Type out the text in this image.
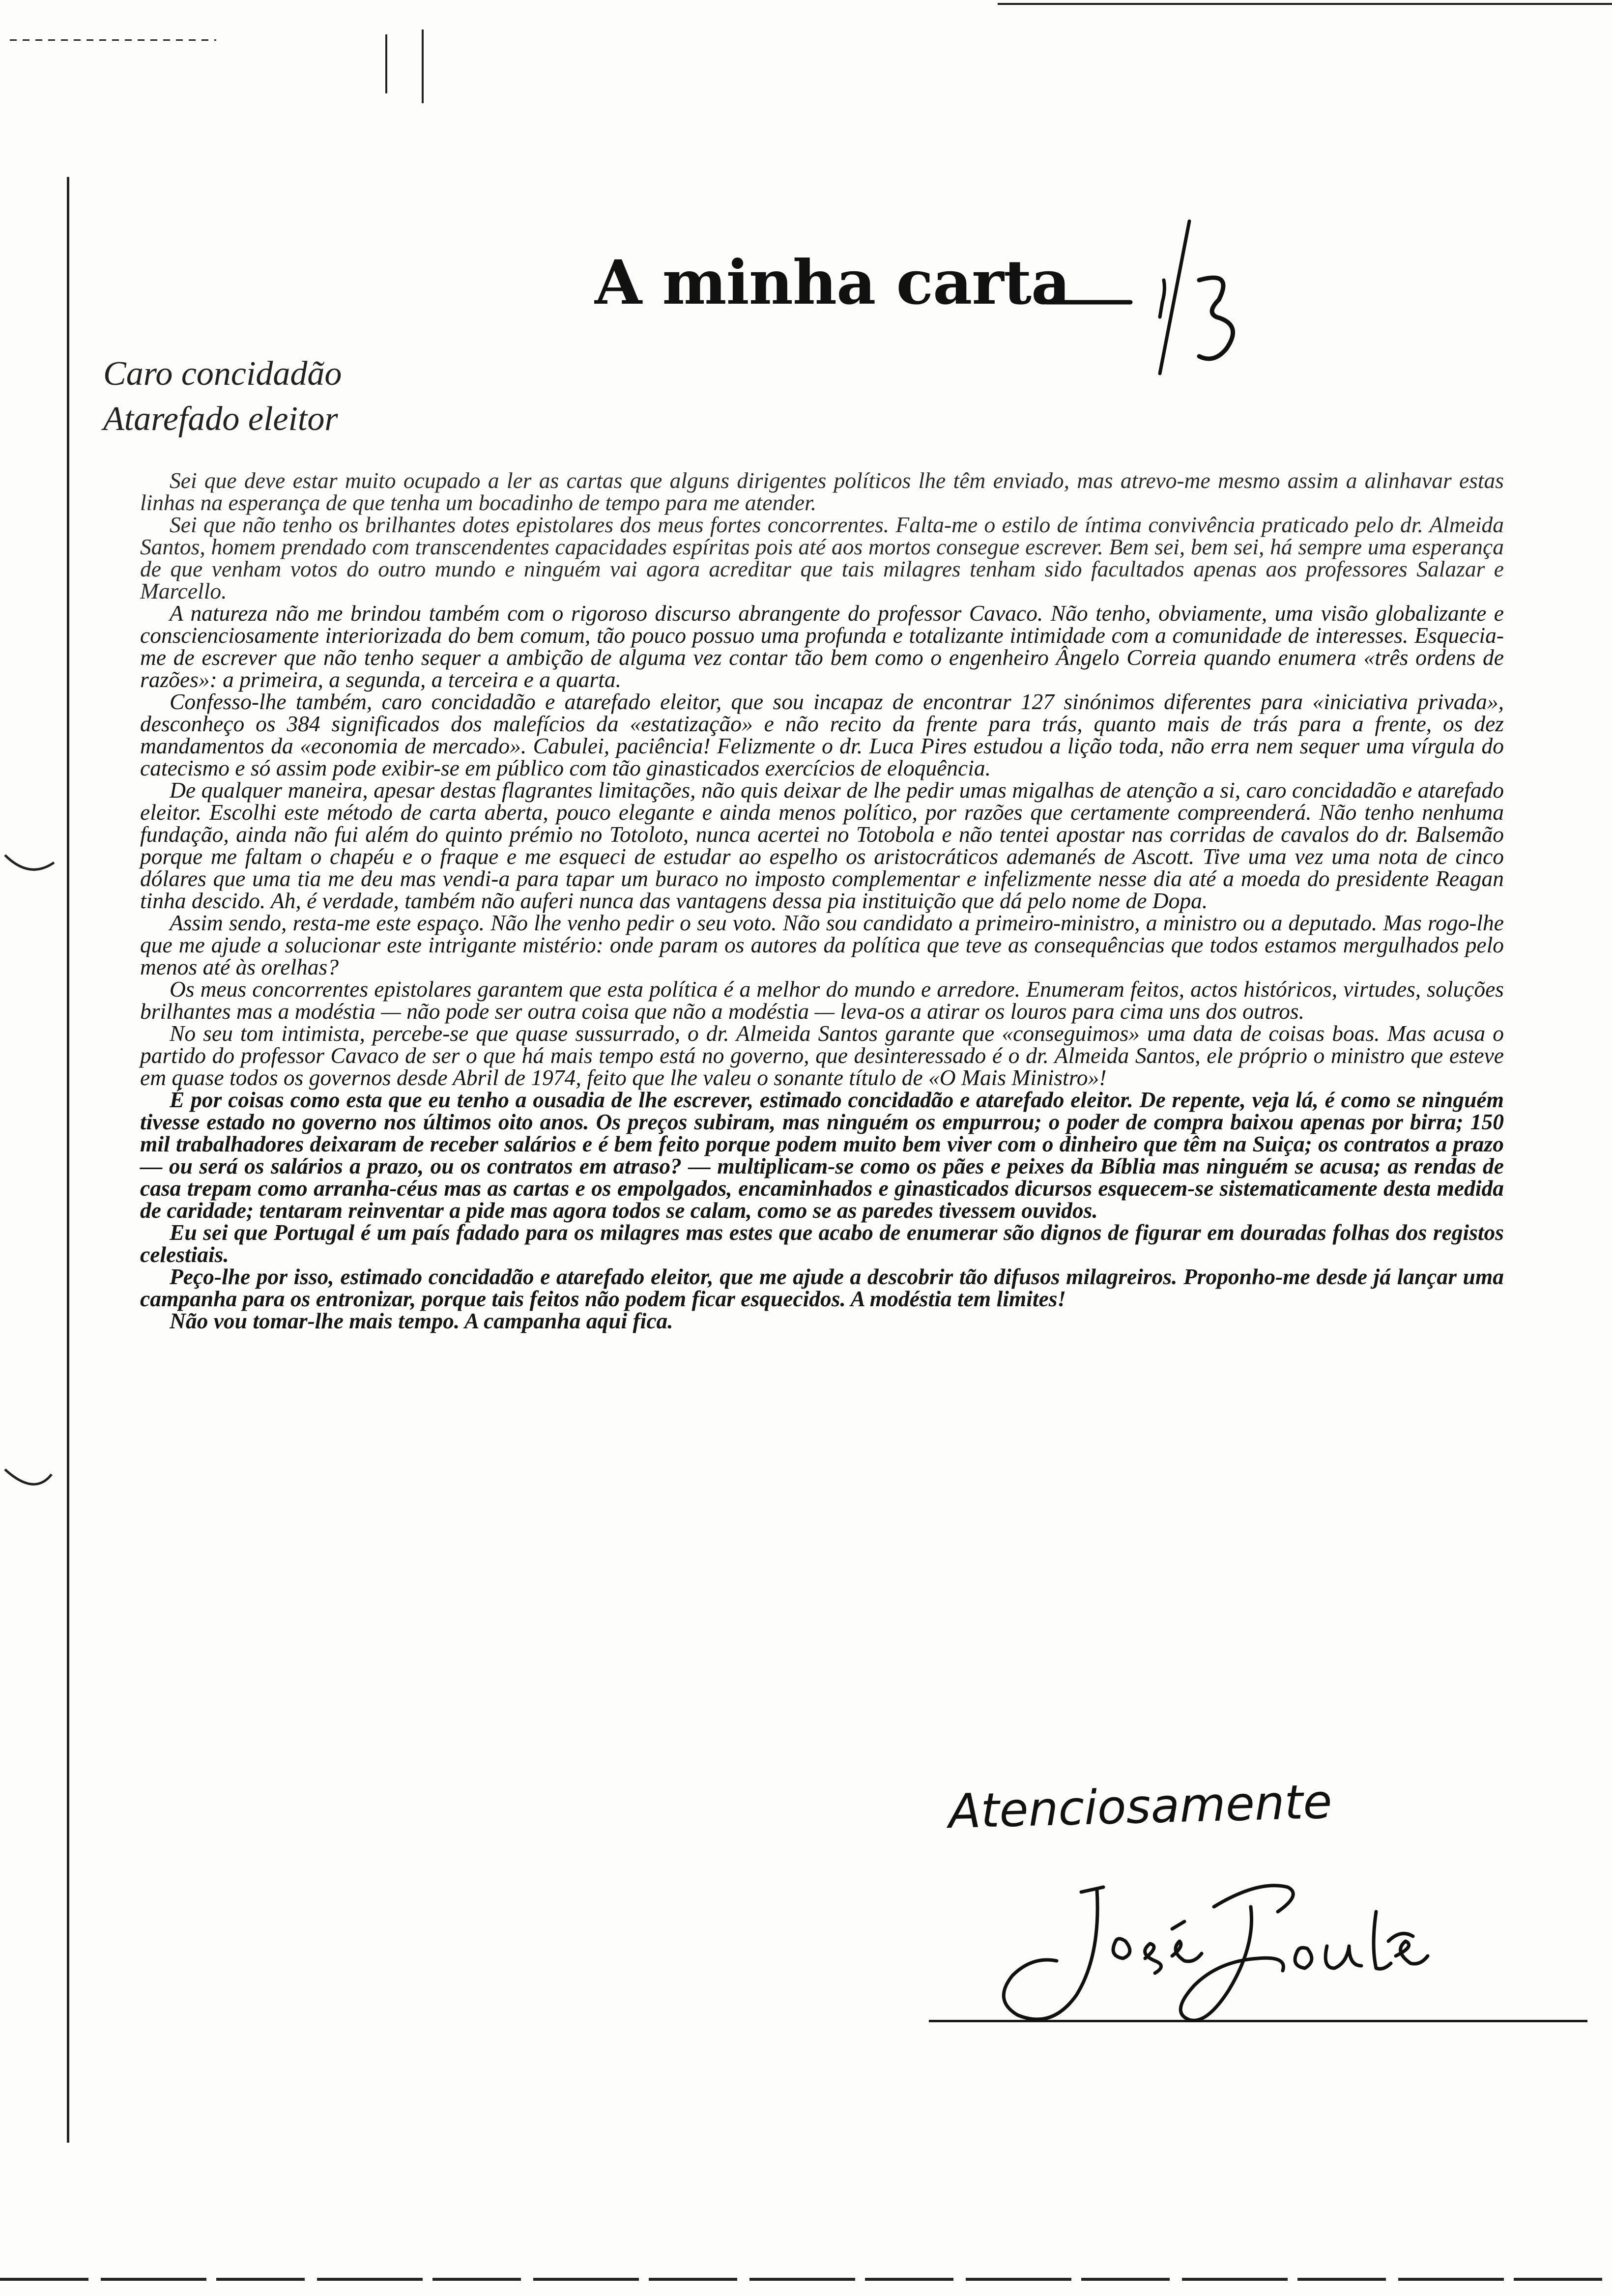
A minha carta
Caro concidadão
Atarefado eleitor

Sei que deve estar muito ocupado a ler as cartas que alguns dirigentes políticos lhe têm enviado, mas atrevo-me mesmo assim a alinhavar estas linhas na esperança de que tenha um bocadinho de tempo para me atender.

Sei que não tenho os brilhantes dotes epistolares dos meus fortes concorrentes. Falta-me o estilo de íntima convivência praticado pelo dr. Almeida Santos, homem prendado com transcendentes capacidades espíritas pois até aos mortos consegue escrever. Bem sei, bem sei, há sempre uma esperança de que venham votos do outro mundo e ninguém vai agora acreditar que tais milagres tenham sido facultados apenas aos professores Salazar e Marcello.

A natureza não me brindou também com o rigoroso discurso abrangente do professor Cavaco. Não tenho, obviamente, uma visão globalizante e conscienciosamente interiorizada do bem comum, tão pouco possuo uma profunda e totalizante intimidade com a comunidade de interesses. Esquecia-me de escrever que não tenho sequer a ambição de alguma vez contar tão bem como o engenheiro Ângelo Correia quando enumera «três ordens de razões»: a primeira, a segunda, a terceira e a quarta.

Confesso-lhe também, caro concidadão e atarefado eleitor, que sou incapaz de encontrar 127 sinónimos diferentes para «iniciativa privada», desconheço os 384 significados dos malefícios da «estatização» e não recito da frente para trás, quanto mais de trás para a frente, os dez mandamentos da «economia de mercado». Cabulei, paciência! Felizmente o dr. Luca Pires estudou a lição toda, não erra nem sequer uma vírgula do catecismo e só assim pode exibir-se em público com tão ginasticados exercícios de eloquência.

De qualquer maneira, apesar destas flagrantes limitações, não quis deixar de lhe pedir umas migalhas de atenção a si, caro concidadão e atarefado eleitor. Escolhi este método de carta aberta, pouco elegante e ainda menos político, por razões que certamente compreenderá. Não tenho nenhuma fundação, ainda não fui além do quinto prémio no Totoloto, nunca acertei no Totobola e não tentei apostar nas corridas de cavalos do dr. Balsemão porque me faltam o chapéu e o fraque e me esqueci de estudar ao espelho os aristocráticos ademanés de Ascott. Tive uma vez uma nota de cinco dólares que uma tia me deu mas vendi-a para tapar um buraco no imposto complementar e infelizmente nesse dia até a moeda do presidente Reagan tinha descido. Ah, é verdade, também não auferi nunca das vantagens dessa pia instituição que dá pelo nome de Dopa.

Assim sendo, resta-me este espaço. Não lhe venho pedir o seu voto. Não sou candidato a primeiro-ministro, a ministro ou a deputado. Mas rogo-lhe que me ajude a solucionar este intrigante mistério: onde param os autores da política que teve as consequências que todos estamos mergulhados pelo menos até às orelhas?

Os meus concorrentes epistolares garantem que esta política é a melhor do mundo e arredore. Enumeram feitos, actos históricos, virtudes, soluções brilhantes mas a modéstia — não pode ser outra coisa que não a modéstia — leva-os a atirar os louros para cima uns dos outros.

No seu tom intimista, percebe-se que quase sussurrado, o dr. Almeida Santos garante que «conseguimos» uma data de coisas boas. Mas acusa o partido do professor Cavaco de ser o que há mais tempo está no governo, que desinteressado é o dr. Almeida Santos, ele próprio o ministro que esteve em quase todos os governos desde Abril de 1974, feito que lhe valeu o sonante título de «O Mais Ministro»!

É por coisas como esta que eu tenho a ousadia de lhe escrever, estimado concidadão e atarefado eleitor. De repente, veja lá, é como se ninguém tivesse estado no governo nos últimos oito anos. Os preços subiram, mas ninguém os empurrou; o poder de compra baixou apenas por birra; 150 mil trabalhadores deixaram de receber salários e é bem feito porque podem muito bem viver com o dinheiro que têm na Suiça; os contratos a prazo — ou será os salários a prazo, ou os contratos em atraso? — multiplicam-se como os pães e peixes da Bíblia mas ninguém se acusa; as rendas de casa trepam como arranha-céus mas as cartas e os empolgados, encaminhados e ginasticados dicursos esquecem-se sistematicamente desta medida de caridade; tentaram reinventar a pide mas agora todos se calam, como se as paredes tivessem ouvidos.

Eu sei que Portugal é um país fadado para os milagres mas estes que acabo de enumerar são dignos de figurar em douradas folhas dos registos celestiais.

Peço-lhe por isso, estimado concidadão e atarefado eleitor, que me ajude a descobrir tão difusos milagreiros. Proponho-me desde já lançar uma campanha para os entronizar, porque tais feitos não podem ficar esquecidos. A modéstia tem limites!

Não vou tomar-lhe mais tempo. A campanha aqui fica.

Atenciosamente
